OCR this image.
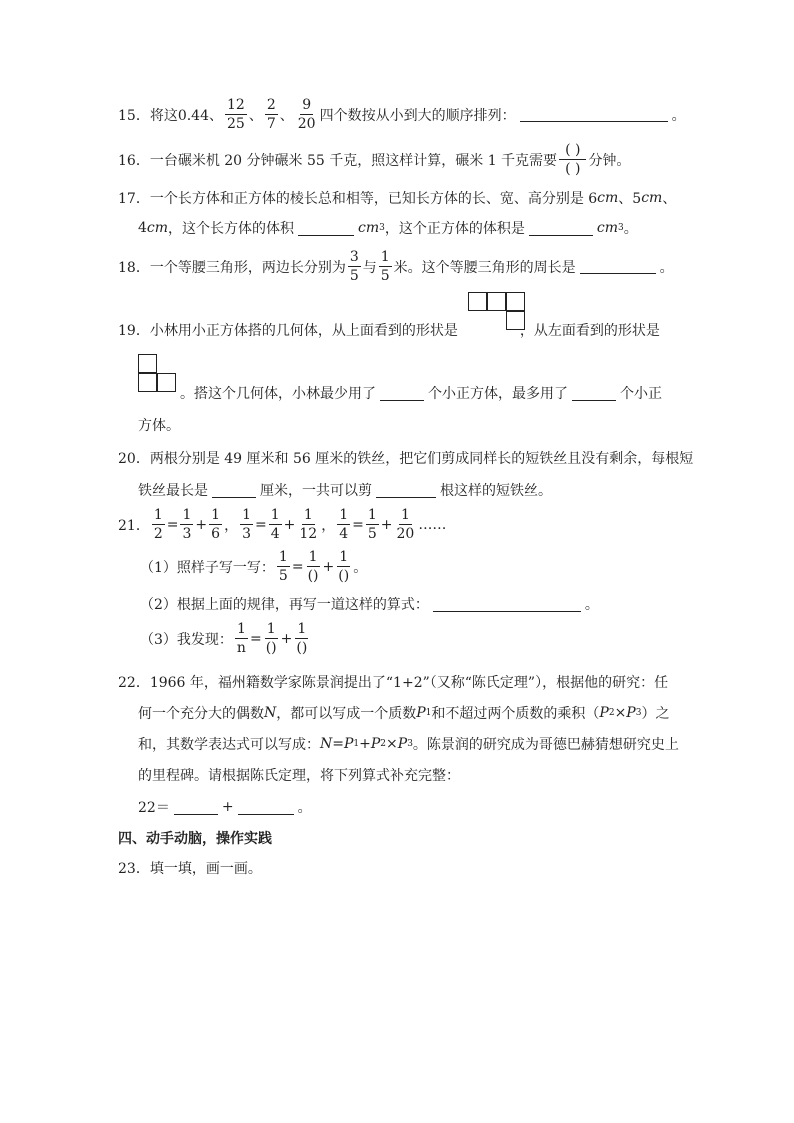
15．将这0.44、 $\frac{12}{25}$ 、 $\frac{2}{7}$ 、 $\frac{9}{20}$ 四个数按从小到大的顺序排列：	。
16．一台碾米机 20 分钟碾米 55 千克，照这样计算，碾米 1 千克需要 $\frac{( )}{( )}$ 分钟。
17．一个长方体和正方体的棱长总和相等，已知长方体的长、宽、高分别是 6 cm 、5 cm 、
4 cm ，这个长方体的体积	cm 3 ，这个正方体的体积是	cm 3 。
18．一个等腰三角形，两边长分别为 $\frac{3}{5}$ 与 $\frac{1}{5}$ 米。这个等腰三角形的周长是	。
19．小林用小正方体搭的几何体，从上面看到的形状是	，从左面看到的形状是
。搭这个几何体，小林最少用了	个小正方体，最多用了	个小正
方体。
20．两根分别是 49 厘米和 56 厘米的铁丝，把它们剪成同样长的短铁丝且没有剩余，每根短
铁丝最长是	厘米，一共可以剪	根这样的短铁丝。
21． $\frac{1}{2} = \frac{1}{3} + \frac{1}{6}$ ， $\frac{1}{3} = \frac{1}{4} + \frac{1}{12}$ ， $\frac{1}{4} = \frac{1}{5} + \frac{1}{20}$ ……
（1）照样子写一写： $\frac{1}{5} = \frac{1}{()} + \frac{1}{()}$ 。
（2）根据上面的规律，再写一道这样的算式：	。
（3）我发现： $\frac{1}{n} = \frac{1}{()} + \frac{1}{()}$
22．1966 年，福州籍数学家陈景润提出了“1+2”（又称“陈氏定理”），根据他的研究：任
何一个充分大的偶数 N ，都可以写成一个质数 P 1 和不超过两个质数的乘积（ P 2 × P 3 ）之
和，其数学表达式可以写成： N = P 1 + P 2 × P 3 。陈景润的研究成为哥德巴赫猜想研究史上
的里程碑。请根据陈氏定理，将下列算式补充完整：
22＝	+	。
四、动手动脑，操作实践
23．填一填，画一画。
